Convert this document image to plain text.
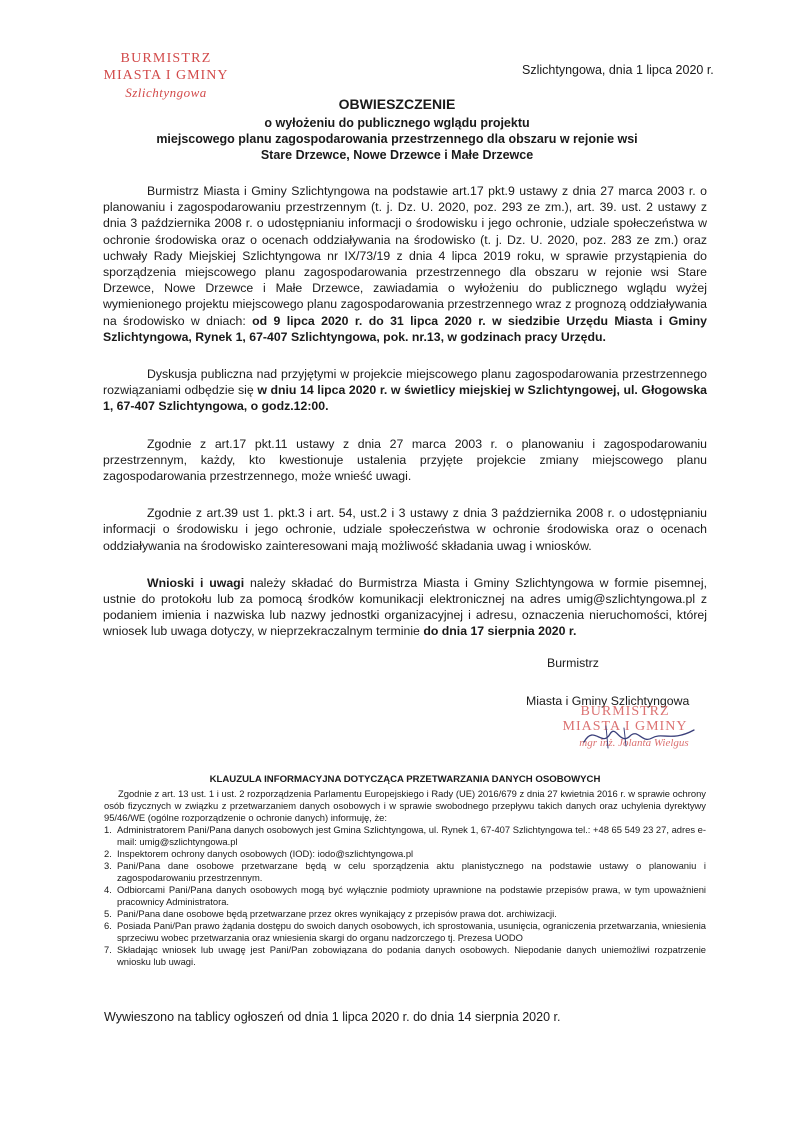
BURMISTRZ
MIASTA I GMINY
Szlichtyngowa
Szlichtyngowa, dnia 1 lipca 2020 r.
OBWIESZCZENIE
o wyłożeniu do publicznego wglądu projektu
miejscowego planu zagospodarowania przestrzennego dla obszaru w rejonie wsi
Stare Drzewce, Nowe Drzewce i Małe Drzewce

Burmistrz Miasta i Gminy Szlichtyngowa na podstawie art.17 pkt.9 ustawy z dnia 27 marca 2003 r. o planowaniu i zagospodarowaniu przestrzennym (t. j. Dz. U. 2020, poz. 293 ze zm.), art. 39. ust. 2 ustawy z dnia 3 października 2008 r. o udostępnianiu informacji o środowisku i jego ochronie, udziale społeczeństwa w ochronie środowiska oraz o ocenach oddziaływania na środowisko (t. j. Dz. U. 2020, poz. 283 ze zm.) oraz uchwały Rady Miejskiej Szlichtyngowa nr IX/73/19 z dnia 4 lipca 2019 roku, w sprawie przystąpienia do sporządzenia miejscowego planu zagospodarowania przestrzennego dla obszaru w rejonie wsi Stare Drzewce, Nowe Drzewce i Małe Drzewce, zawiadamia o wyłożeniu do publicznego wglądu wyżej wymienionego projektu miejscowego planu zagospodarowania przestrzennego wraz z prognozą oddziaływania na środowisko w dniach: od 9 lipca 2020 r. do 31 lipca 2020 r. w siedzibie Urzędu Miasta i Gminy Szlichtyngowa, Rynek 1, 67-407 Szlichtyngowa, pok. nr.13, w godzinach pracy Urzędu.

Dyskusja publiczna nad przyjętymi w projekcie miejscowego planu zagospodarowania przestrzennego rozwiązaniami odbędzie się w dniu 14 lipca 2020 r. w świetlicy miejskiej w Szlichtyngowej, ul. Głogowska 1, 67-407 Szlichtyngowa, o godz.12:00.

Zgodnie z art.17 pkt.11 ustawy z dnia 27 marca 2003 r. o planowaniu i zagospodarowaniu przestrzennym, każdy, kto kwestionuje ustalenia przyjęte projekcie zmiany miejscowego planu zagospodarowania przestrzennego, może wnieść uwagi.

Zgodnie z art.39 ust 1. pkt.3 i art. 54, ust.2 i 3 ustawy z dnia 3 października 2008 r. o udostępnianiu informacji o środowisku i jego ochronie, udziale społeczeństwa w ochronie środowiska oraz o ocenach oddziaływania na środowisko zainteresowani mają możliwość składania uwag i wniosków.

Wnioski i uwagi należy składać do Burmistrza Miasta i Gminy Szlichtyngowa w formie pisemnej, ustnie do protokołu lub za pomocą środków komunikacji elektronicznej na adres umig@szlichtyngowa.pl z podaniem imienia i nazwiska lub nazwy jednostki organizacyjnej i adresu, oznaczenia nieruchomości, której wniosek lub uwaga dotyczy, w nieprzekraczalnym terminie do dnia 17 sierpnia 2020 r.

Burmistrz
Miasta i Gminy Szlichtyngowa
BURMISTRZ
MIASTA I GMINY
mgr inż. Jolanta Wielgus
KLAUZULA INFORMACYJNA DOTYCZĄCA PRZETWARZANIA DANYCH OSOBOWYCH

Zgodnie z art. 13 ust. 1 i ust. 2 rozporządzenia Parlamentu Europejskiego i Rady (UE) 2016/679 z dnia 27 kwietnia 2016 r. w sprawie ochrony osób fizycznych w związku z przetwarzaniem danych osobowych i w sprawie swobodnego przepływu takich danych oraz uchylenia dyrektywy 95/46/WE (ogólne rozporządzenie o ochronie danych) informuję, że:

1. Administratorem Pani/Pana danych osobowych jest Gmina Szlichtyngowa, ul. Rynek 1, 67-407 Szlichtyngowa tel.: +48 65 549 23 27, adres e-mail: umig@szlichtyngowa.pl
2. Inspektorem ochrony danych osobowych (IOD): iodo@szlichtyngowa.pl
3. Pani/Pana dane osobowe przetwarzane będą w celu sporządzenia aktu planistycznego na podstawie ustawy o planowaniu i zagospodarowaniu przestrzennym.
4. Odbiorcami Pani/Pana danych osobowych mogą być wyłącznie podmioty uprawnione na podstawie przepisów prawa, w tym upoważnieni pracownicy Administratora.
5. Pani/Pana dane osobowe będą przetwarzane przez okres wynikający z przepisów prawa dot. archiwizacji.
6. Posiada Pani/Pan prawo żądania dostępu do swoich danych osobowych, ich sprostowania, usunięcia, ograniczenia przetwarzania, wniesienia sprzeciwu wobec przetwarzania oraz wniesienia skargi do organu nadzorczego tj. Prezesa UODO
7. Składając wniosek lub uwagę jest Pani/Pan zobowiązana do podania danych osobowych. Niepodanie danych uniemożliwi rozpatrzenie wniosku lub uwagi.
Wywieszono na tablicy ogłoszeń od dnia 1 lipca 2020 r. do dnia 14 sierpnia 2020 r.
